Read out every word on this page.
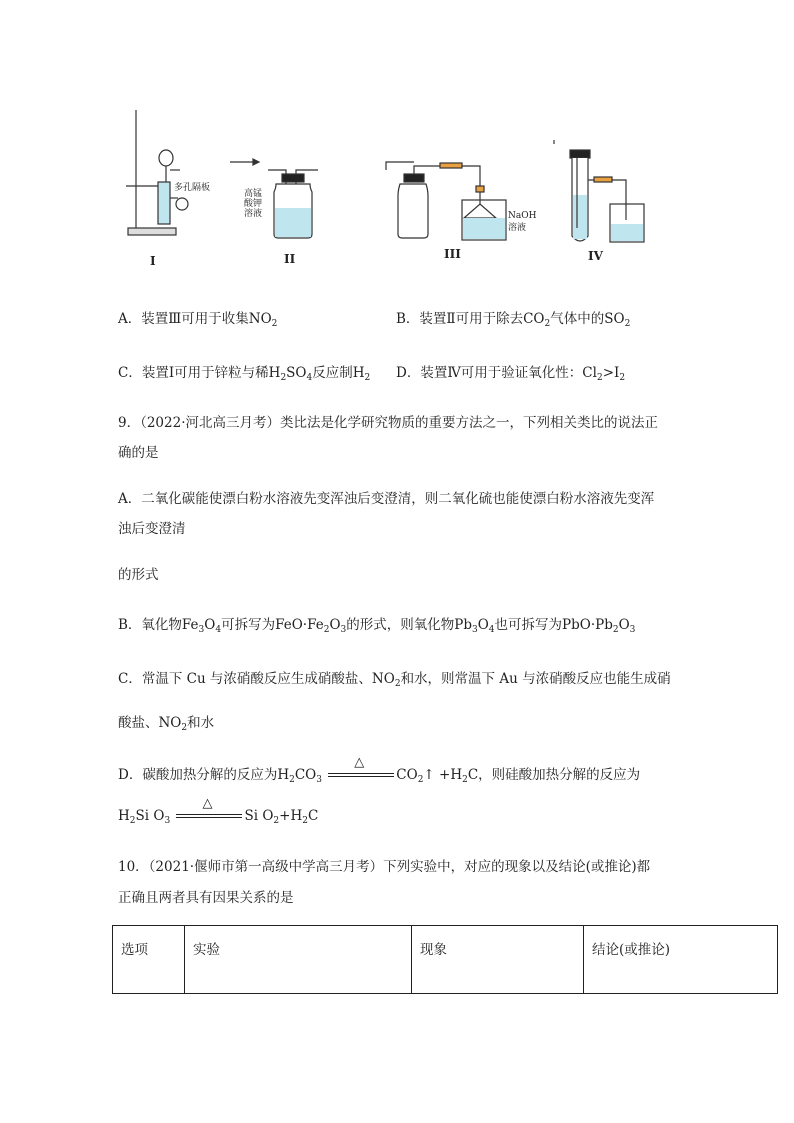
多孔隔板
I
高锰
酸钾
溶液
II
NaOH
溶液
III	IV
A．装置Ⅲ可用于收集$NO_2$	B．装置Ⅱ可用于除去$CO_2$气体中的$SO_2$
C．装置Ⅰ可用于锌粒与稀$H_2SO_4$反应制$H_2$ D．装置Ⅳ可用于验证氧化性：$Cl_2>I_2$
9．（2022·河北高三月考）类比法是化学研究物质的重要方法之一，下列相关类比的说法正
确的是
A．二氧化碳能使漂白粉水溶液先变浑浊后变澄清，则二氧化硫也能使漂白粉水溶液先变浑
浊后变澄清
的形式
B．氧化物$Fe_3O_4$可拆写为$FeO\cdot Fe_2O_3$的形式，则氧化物$Pb_3O_4$也可拆写为$PbO\cdot Pb_2O_3$
C．常温下 Cu 与浓硝酸反应生成硝酸盐、$NO_2$和水，则常温下 Au 与浓硝酸反应也能生成硝
酸盐、$NO_2$和水
D．碳酸加热分解的反应为$H_2CO_3$
△
$CO_2↑ +H_2C$，则硅酸加热分解的反应为
$H_2Si$ $O_3$
△
Si $O_2+H_2C$
10．（2021·偃师市第一高级中学高三月考）下列实验中，对应的现象以及结论(或推论)都
正确且两者具有因果关系的是
选项	实验	现象	结论(或推论)
